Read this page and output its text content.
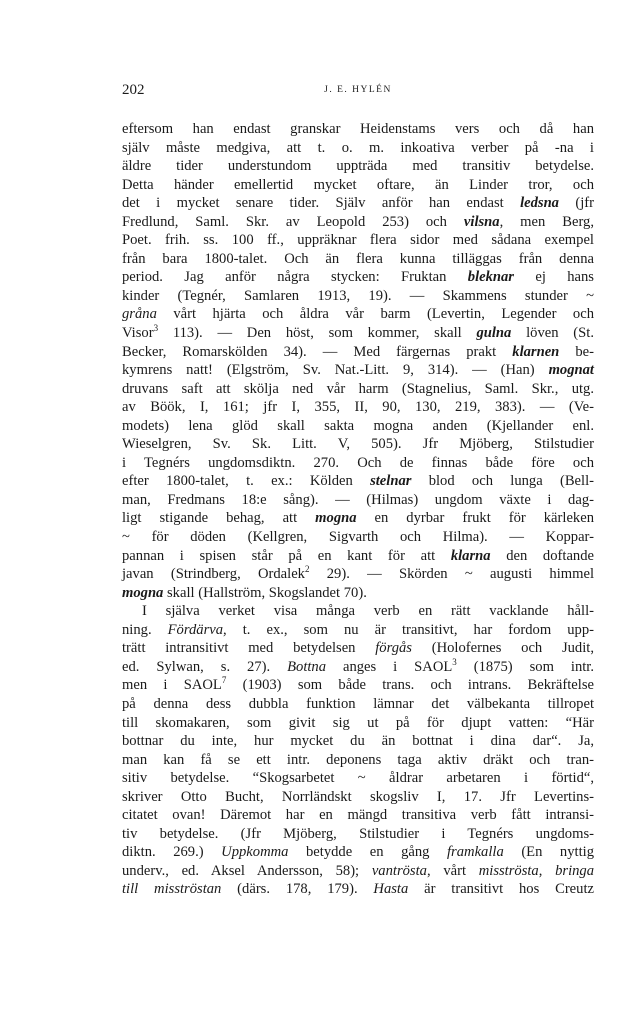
202	J. E. HYLÉN
eftersom han endast granskar Heidenstams vers och då han
själv måste medgiva, att t. o. m. inkoativa verber på -na i
äldre tider understundom uppträda med transitiv betydelse.
Detta händer emellertid mycket oftare, än Linder tror, och
det i mycket senare tider. Själv anför han endast ledsna (jfr
Fredlund, Saml. Skr. av Leopold 253) och vilsna, men Berg,
Poet. frih. ss. 100 ff., uppräknar flera sidor med sådana exempel
från bara 1800-talet. Och än flera kunna tilläggas från denna
period. Jag anför några stycken: Fruktan bleknar ej hans
kinder (Tegnér, Samlaren 1913, 19). — Skammens stunder ~
gråna vårt hjärta och åldra vår barm (Levertin, Legender och
Visor$^3$ 113). — Den höst, som kommer, skall gulna löven (St.
Becker, Romarskölden 34). — Med färgernas prakt klarnen be-
kymrens natt! (Elgström, Sv. Nat.-Litt. 9, 314). — (Han) mognat
druvans saft att skölja ned vår harm (Stagnelius, Saml. Skr., utg.
av Böök, I, 161; jfr I, 355, II, 90, 130, 219, 383). — (Ve-
modets) lena glöd skall sakta mogna anden (Kjellander enl.
Wieselgren, Sv. Sk. Litt. V, 505). Jfr Mjöberg, Stilstudier
i Tegnérs ungdomsdiktn. 270. Och de finnas både före och
efter 1800-talet, t. ex.: Kölden stelnar blod och lunga (Bell-
man, Fredmans 18:e sång). — (Hilmas) ungdom växte i dag-
ligt stigande behag, att mogna en dyrbar frukt för kärleken
~ för döden (Kellgren, Sigvarth och Hilma). — Koppar-
pannan i spisen står på en kant för att klarna den doftande
javan (Strindberg, Ordalek$^2$ 29). — Skörden ~ augusti himmel
mogna skall (Hallström, Skogslandet 70).
I själva verket visa många verb en rätt vacklande håll-
ning. Fördärva, t. ex., som nu är transitivt, har fordom upp-
trätt intransitivt med betydelsen förgås (Holofernes och Judit,
ed. Sylwan, s. 27). Bottna anges i SAOL$^3$ (1875) som intr.
men i SAOL$^7$ (1903) som både trans. och intrans. Bekräftelse
på denna dess dubbla funktion lämnar det välbekanta tillropet
till skomakaren, som givit sig ut på för djupt vatten: “Här
bottnar du inte, hur mycket du än bottnat i dina dar“. Ja,
man kan få se ett intr. deponens taga aktiv dräkt och tran-
sitiv betydelse. “Skogsarbetet ~ åldrar arbetaren i förtid“,
skriver Otto Bucht, Norrländskt skogsliv I, 17. Jfr Levertins-
citatet ovan! Däremot har en mängd transitiva verb fått intransi-
tiv betydelse. (Jfr Mjöberg, Stilstudier i Tegnérs ungdoms-
diktn. 269.) Uppkomma betydde en gång framkalla (En nyttig
underv., ed. Aksel Andersson, 58); vantrösta, vårt misströsta, bringa
till misströstan (därs. 178, 179). Hasta är transitivt hos Creutz
